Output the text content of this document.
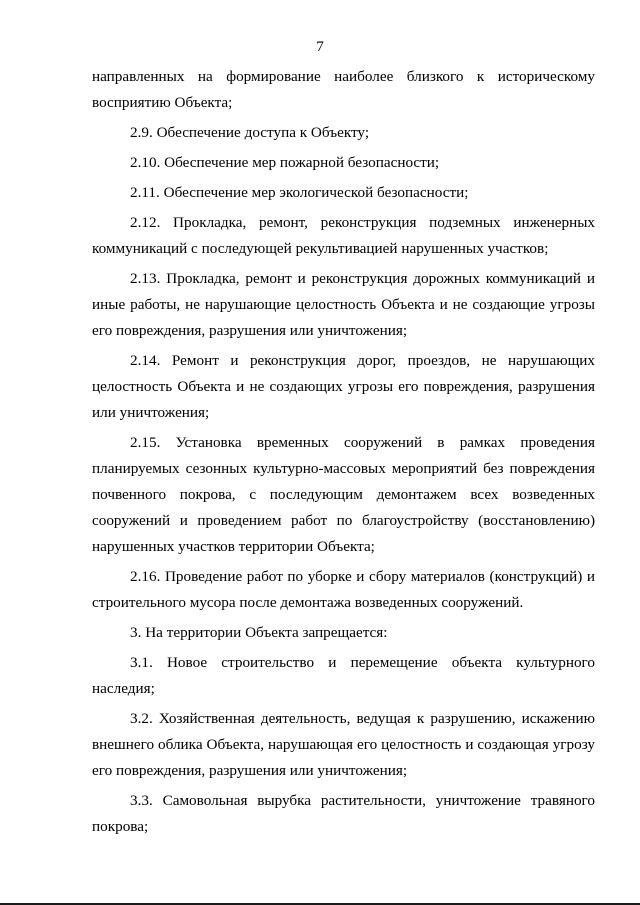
7

направленных на формирование наиболее близкого к историческому восприятию Объекта;

2.9. Обеспечение доступа к Объекту;

2.10. Обеспечение мер пожарной безопасности;

2.11. Обеспечение мер экологической безопасности;

2.12. Прокладка, ремонт, реконструкция подземных инженерных коммуникаций с последующей рекультивацией нарушенных участков;

2.13. Прокладка, ремонт и реконструкция дорожных коммуникаций и иные работы, не нарушающие целостность Объекта и не создающие угрозы его повреждения, разрушения или уничтожения;

2.14. Ремонт и реконструкция дорог, проездов, не нарушающих целостность Объекта и не создающих угрозы его повреждения, разрушения или уничтожения;

2.15. Установка временных сооружений в рамках проведения планируемых сезонных культурно-массовых мероприятий без повреждения почвенного покрова, с последующим демонтажем всех возведенных сооружений и проведением работ по благоустройству (восстановлению) нарушенных участков территории Объекта;

2.16. Проведение работ по уборке и сбору материалов (конструкций) и строительного мусора после демонтажа возведенных сооружений.

3. На территории Объекта запрещается:

3.1. Новое строительство и перемещение объекта культурного наследия;

3.2. Хозяйственная деятельность, ведущая к разрушению, искажению внешнего облика Объекта, нарушающая его целостность и создающая угрозу его повреждения, разрушения или уничтожения;

3.3. Самовольная вырубка растительности, уничтожение травяного покрова;
